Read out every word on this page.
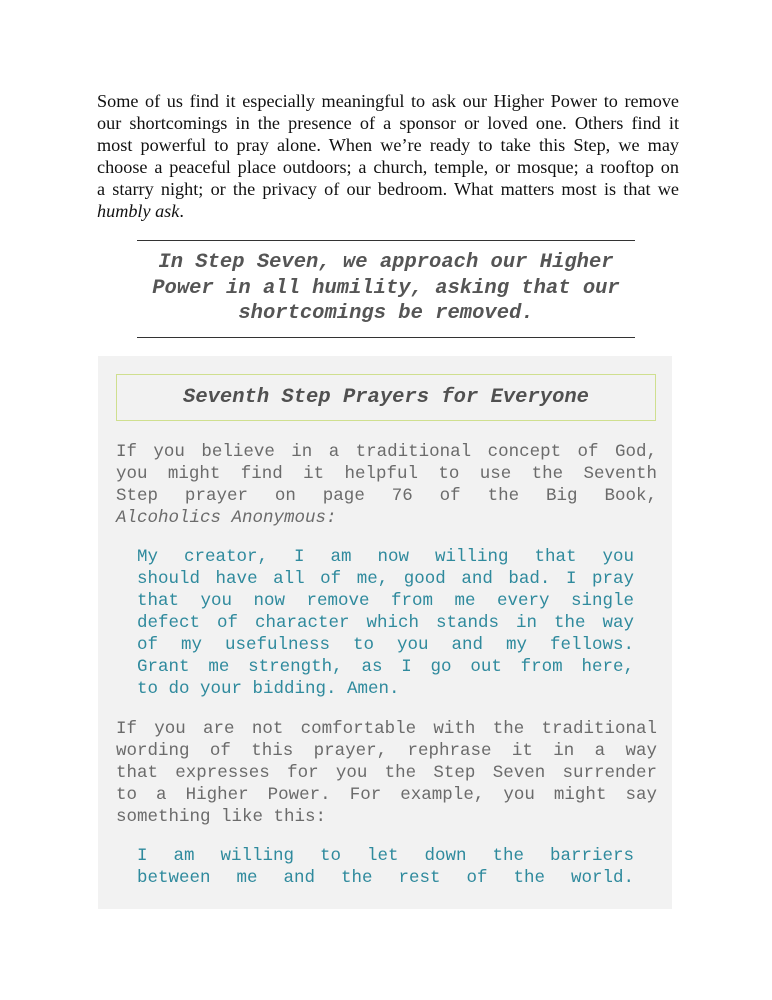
Some of us find it especially meaningful to ask our Higher Power to remove
our shortcomings in the presence of a sponsor or loved one. Others find it
most powerful to pray alone. When we’re ready to take this Step, we may
choose a peaceful place outdoors; a church, temple, or mosque; a rooftop on
a starry night; or the privacy of our bedroom. What matters most is that we
humbly ask.
In Step Seven, we approach our Higher
Power in all humility, asking that our
shortcomings be removed.
Seventh Step Prayers for Everyone
If you believe in a traditional concept of God,
you might find it helpful to use the Seventh
Step prayer on page 76 of the Big Book,
Alcoholics Anonymous:
My creator, I am now willing that you
should have all of me, good and bad. I pray
that you now remove from me every single
defect of character which stands in the way
of my usefulness to you and my fellows.
Grant me strength, as I go out from here,
to do your bidding. Amen.
If you are not comfortable with the traditional
wording of this prayer, rephrase it in a way
that expresses for you the Step Seven surrender
to a Higher Power. For example, you might say
something like this:
I am willing to let down the barriers
between me and the rest of the world.
